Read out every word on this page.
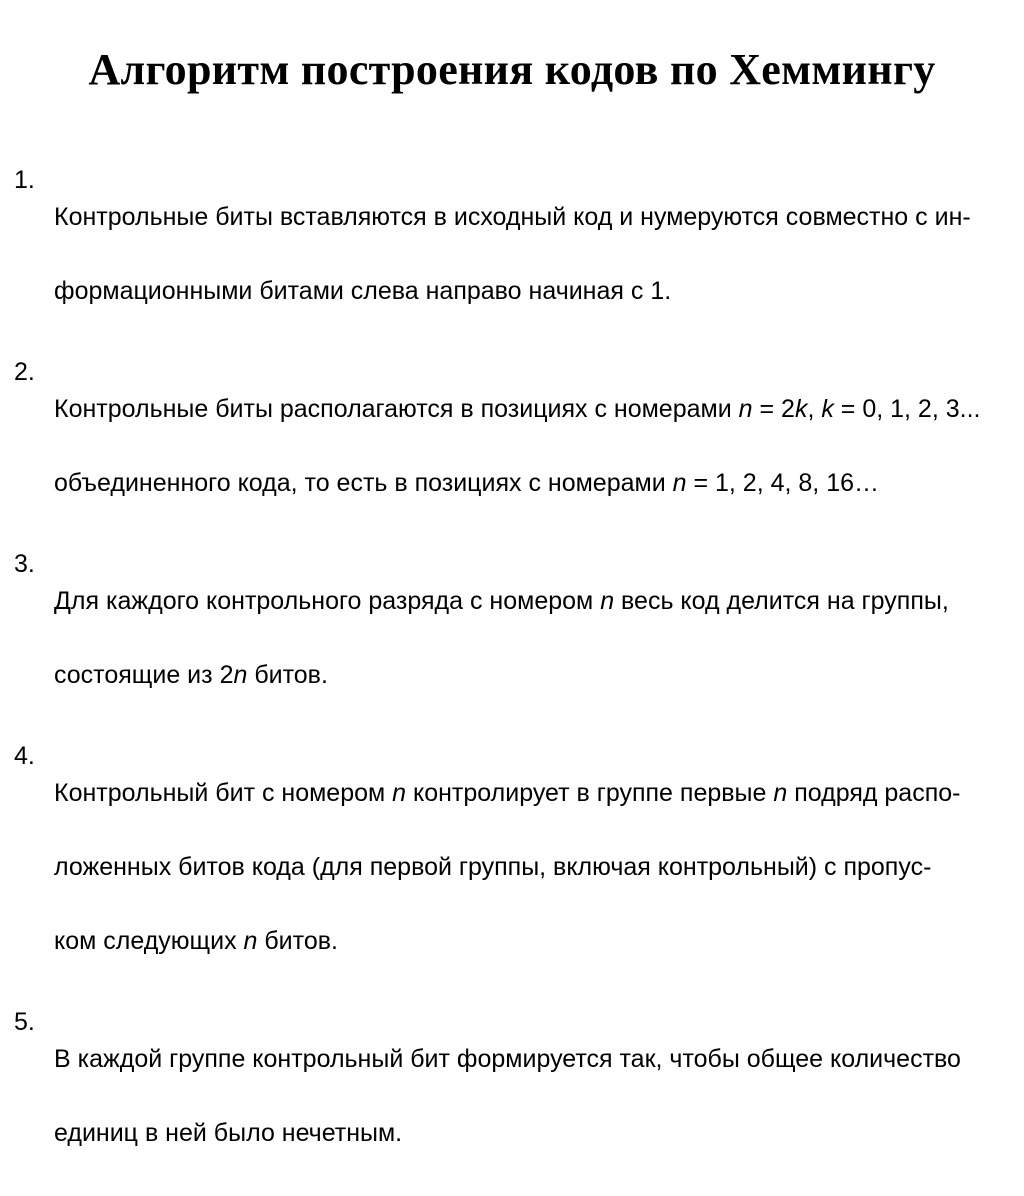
Алгоритм построения кодов по Хеммингу
1.

Контрольные биты вставляются в исходный код и нумеруются совместно с ин-

формационными битами слева направо начиная с 1.

2.

Контрольные биты располагаются в позициях с номерами n = 2k, k = 0, 1, 2, 3...

объединенного кода, то есть в позициях с номерами n = 1, 2, 4, 8, 16…

3.

Для каждого контрольного разряда с номером n весь код делится на группы,

состоящие из 2n битов.

4.

Контрольный бит с номером n контролирует в группе первые n подряд распо-

ложенных битов кода (для первой группы, включая контрольный) с пропус-

ком следующих n битов.

5.

В каждой группе контрольный бит формируется так, чтобы общее количество

единиц в ней было нечетным.
